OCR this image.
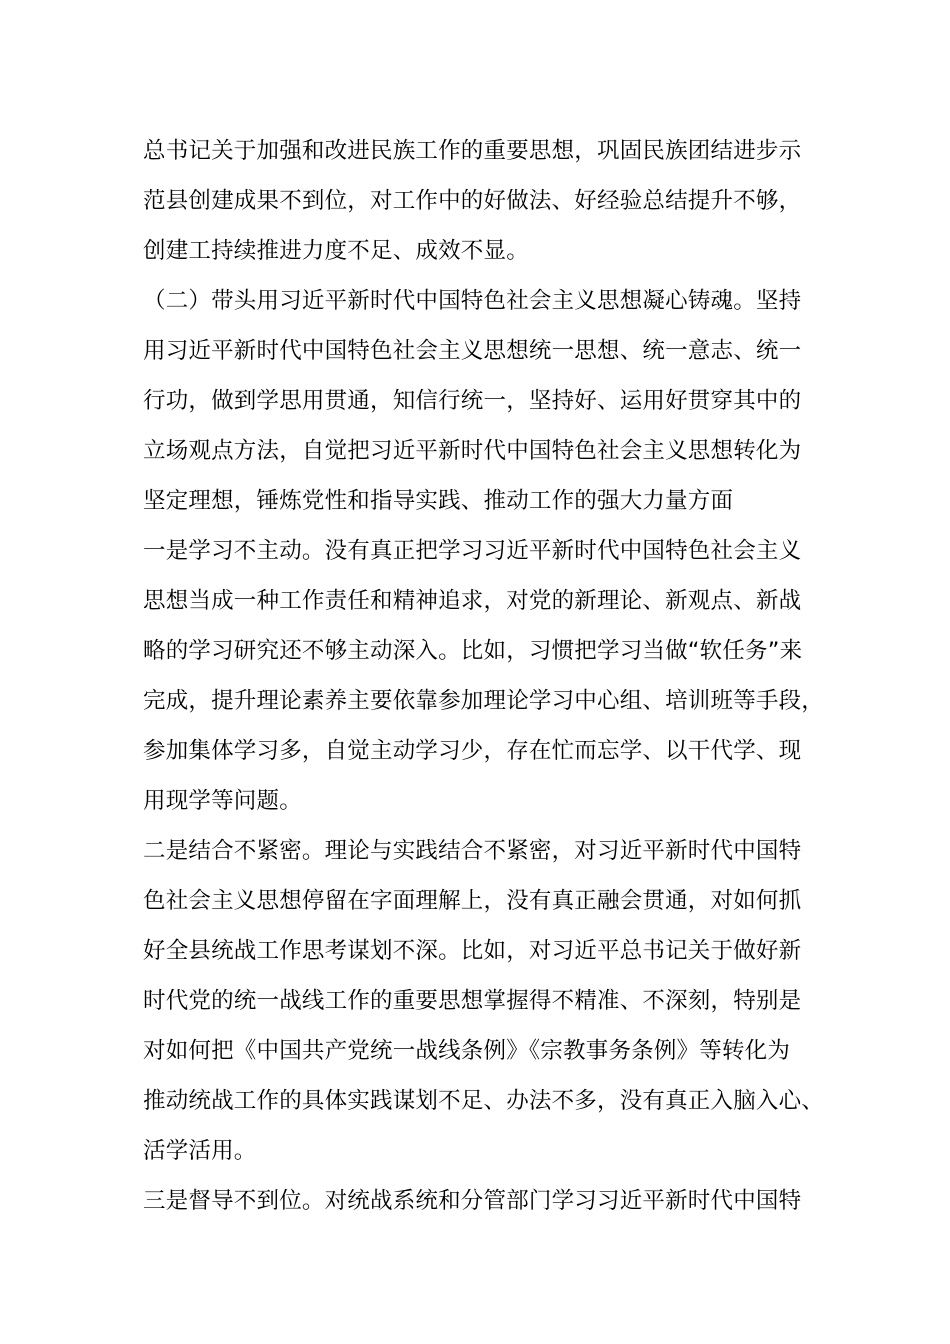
总书记关于加强和改进民族工作的重要思想，巩固民族团结进步示
范县创建成果不到位，对工作中的好做法、好经验总结提升不够，
创建工持续推进力度不足、成效不显。
（二）带头用习近平新时代中国特色社会主义思想凝心铸魂。坚持
用习近平新时代中国特色社会主义思想统一思想、统一意志、统一
行功，做到学思用贯通，知信行统一，坚持好、运用好贯穿其中的
立场观点方法，自觉把习近平新时代中国特色社会主义思想转化为
坚定理想，锤炼党性和指导实践、推动工作的强大力量方面
一是学习不主动。没有真正把学习习近平新时代中国特色社会主义
思想当成一种工作责任和精神追求，对党的新理论、新观点、新战
略的学习研究还不够主动深入。比如，习惯把学习当做“软任务”来
完成，提升理论素养主要依靠参加理论学习中心组、培训班等手段，
参加集体学习多，自觉主动学习少，存在忙而忘学、以干代学、现
用现学等问题。
二是结合不紧密。理论与实践结合不紧密，对习近平新时代中国特
色社会主义思想停留在字面理解上，没有真正融会贯通，对如何抓
好全县统战工作思考谋划不深。比如，对习近平总书记关于做好新
时代党的统一战线工作的重要思想掌握得不精准、不深刻，特别是
对如何把《中国共产党统一战线条例》《宗教事务条例》等转化为
推动统战工作的具体实践谋划不足、办法不多，没有真正入脑入心、
活学活用。
三是督导不到位。对统战系统和分管部门学习习近平新时代中国特
